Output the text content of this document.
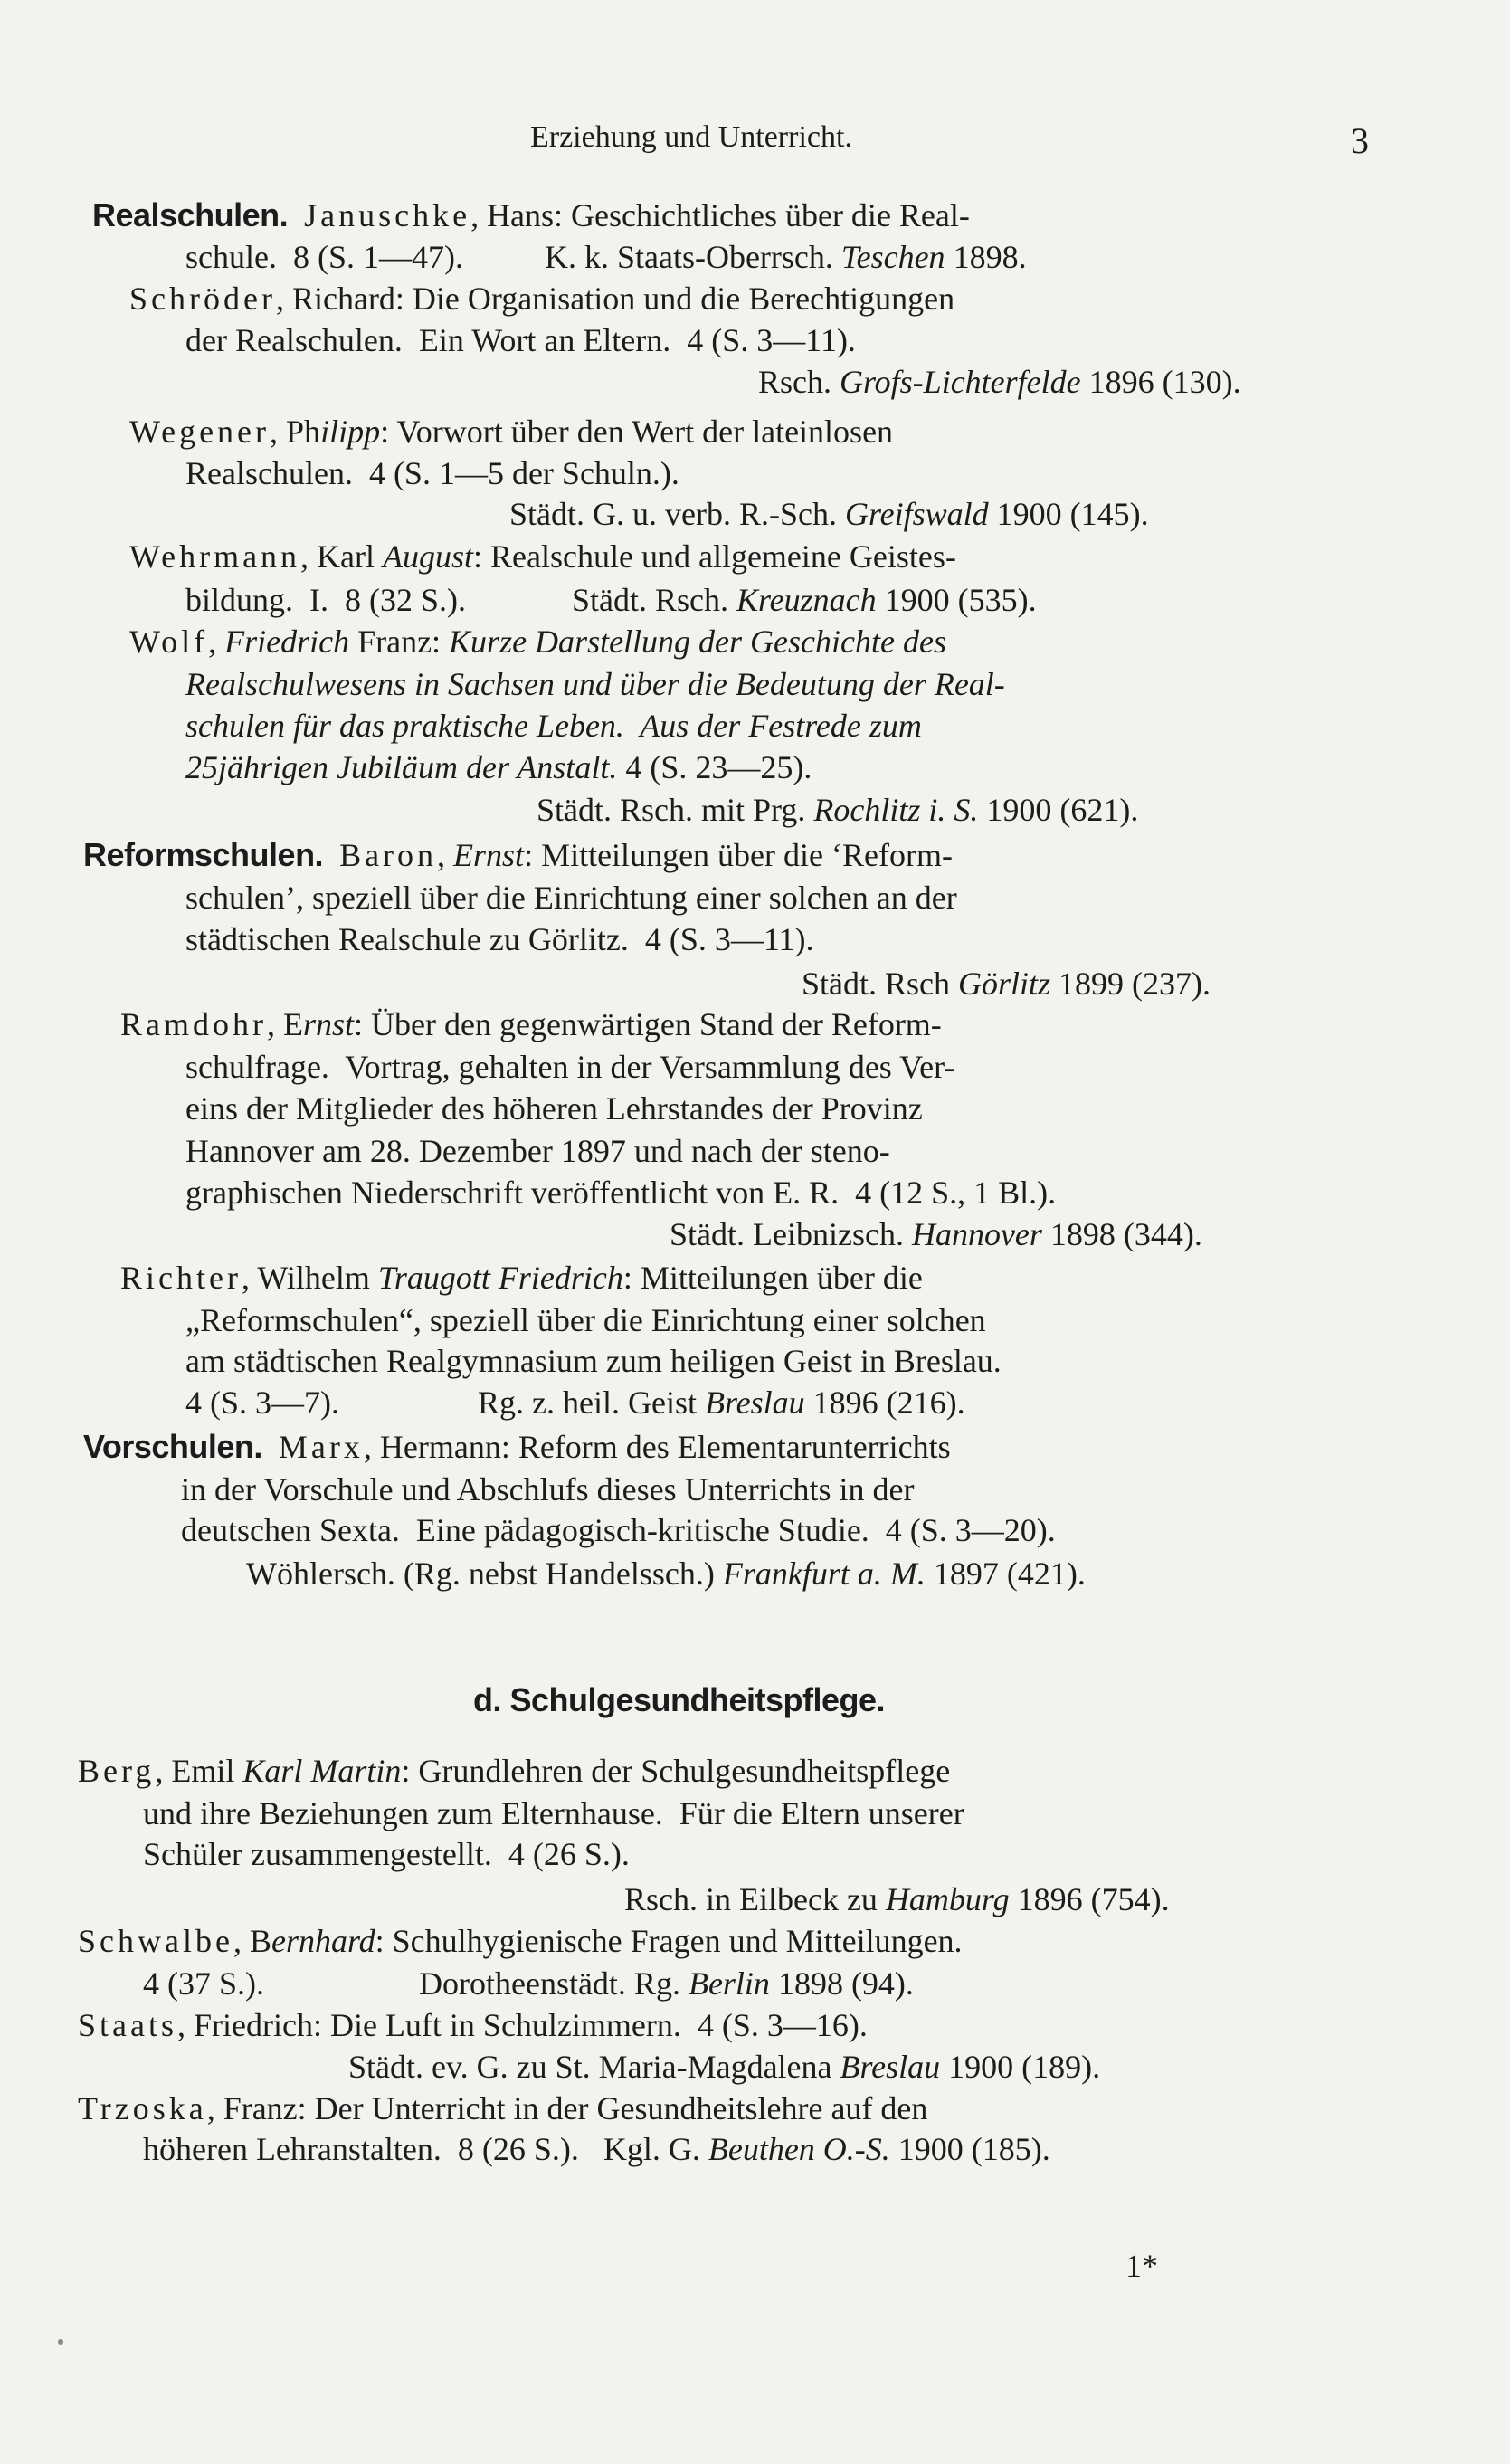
Erziehung und Unterricht.	3
Realschulen. Januschke, Hans: Geschichtliches über die Real-
schule.  8 (S. 1—47).          K. k. Staats-Oberrsch. Teschen 1898.
Schröder, Richard: Die Organisation und die Berechtigungen
der Realschulen.  Ein Wort an Eltern.  4 (S. 3—11).
Rsch. Grofs-Lichterfelde 1896 (130).
Wegener, Philipp: Vorwort über den Wert der lateinlosen
Realschulen.  4 (S. 1—5 der Schuln.).
Städt. G. u. verb. R.-Sch. Greifswald 1900 (145).
Wehrmann, Karl August: Realschule und allgemeine Geistes-
bildung.  I.  8 (32 S.).             Städt. Rsch. Kreuznach 1900 (535).
Wolf, Friedrich Franz: Kurze Darstellung der Geschichte des
Realschulwesens in Sachsen und über die Bedeutung der Real-
schulen für das praktische Leben.  Aus der Festrede zum
25jährigen Jubiläum der Anstalt. 4 (S. 23—25).
Städt. Rsch. mit Prg. Rochlitz i. S. 1900 (621).
Reformschulen. Baron, Ernst: Mitteilungen über die ‘Reform-
schulen’, speziell über die Einrichtung einer solchen an der
städtischen Realschule zu Görlitz.  4 (S. 3—11).
Städt. Rsch Görlitz 1899 (237).
Ramdohr, Ernst: Über den gegenwärtigen Stand der Reform-
schulfrage.  Vortrag, gehalten in der Versammlung des Ver-
eins der Mitglieder des höheren Lehrstandes der Provinz
Hannover am 28. Dezember 1897 und nach der steno-
graphischen Niederschrift veröffentlicht von E. R.  4 (12 S., 1 Bl.).
Städt. Leibnizsch. Hannover 1898 (344).
Richter, Wilhelm Traugott Friedrich: Mitteilungen über die
„Reformschulen“, speziell über die Einrichtung einer solchen
am städtischen Realgymnasium zum heiligen Geist in Breslau.
4 (S. 3—7).                 Rg. z. heil. Geist Breslau 1896 (216).
Vorschulen. Marx, Hermann: Reform des Elementarunterrichts
in der Vorschule und Abschlufs dieses Unterrichts in der
deutschen Sexta.  Eine pädagogisch-kritische Studie.  4 (S. 3—20).
Wöhlersch. (Rg. nebst Handelssch.) Frankfurt a. M. 1897 (421).
d. Schulgesundheitspflege.
Berg, Emil Karl Martin: Grundlehren der Schulgesundheitspflege
und ihre Beziehungen zum Elternhause.  Für die Eltern unserer
Schüler zusammengestellt.  4 (26 S.).
Rsch. in Eilbeck zu Hamburg 1896 (754).
Schwalbe, Bernhard: Schulhygienische Fragen und Mitteilungen.
4 (37 S.).                   Dorotheenstädt. Rg. Berlin 1898 (94).
Staats, Friedrich: Die Luft in Schulzimmern.  4 (S. 3—16).
Städt. ev. G. zu St. Maria-Magdalena Breslau 1900 (189).
Trzoska, Franz: Der Unterricht in der Gesundheitslehre auf den
höheren Lehranstalten.  8 (26 S.).   Kgl. G. Beuthen O.-S. 1900 (185).
1*
